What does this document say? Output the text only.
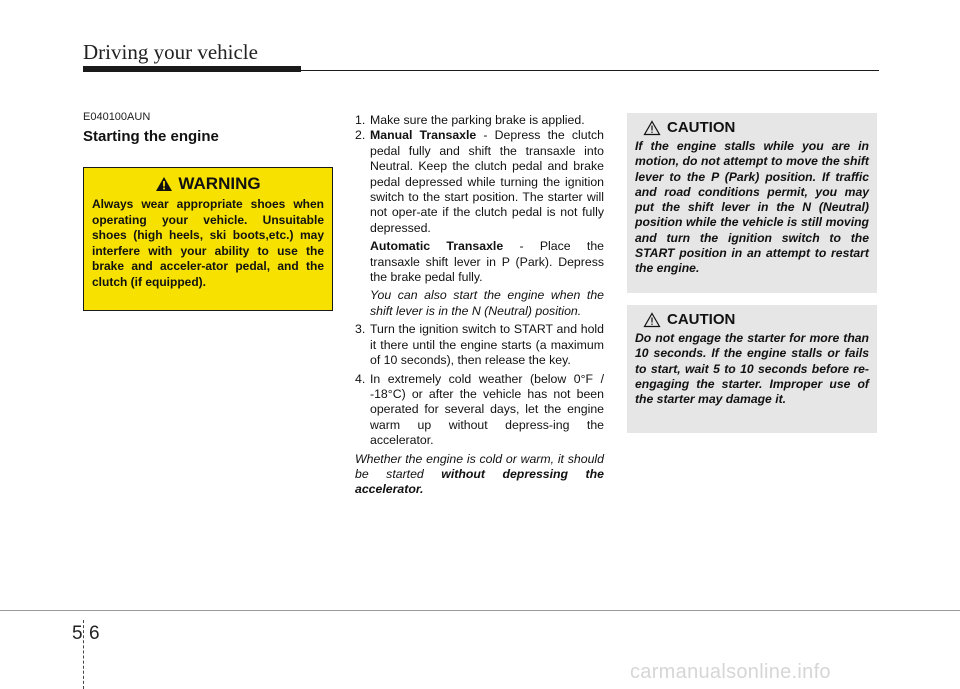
Driving your vehicle
E040100AUN
Starting the engine
WARNING
Always wear appropriate shoes when operating your vehicle. Unsuitable shoes (high heels, ski boots,etc.) may interfere with your ability to use the brake and acceler-ator pedal, and the clutch (if equipped).
1. Make sure the parking brake is applied.
2. Manual Transaxle - Depress the clutch pedal fully and shift the transaxle into Neutral. Keep the clutch pedal and brake pedal depressed while turning the ignition switch to the start position. The starter will not oper-ate if the clutch pedal is not fully depressed.
Automatic Transaxle - Place the transaxle shift lever in P (Park). Depress the brake pedal fully.
You can also start the engine when the shift lever is in the N (Neutral) position.
3. Turn the ignition switch to START and hold it there until the engine starts (a maximum of 10 seconds), then release the key.
4. In extremely cold weather (below 0°F / -18°C) or after the vehicle has not been operated for several days, let the engine warm up without depress-ing the accelerator.
Whether the engine is cold or warm, it should be started without depressing the accelerator.
CAUTION
If the engine stalls while you are in motion, do not attempt to move the shift lever to the P (Park) position. If traffic and road conditions permit, you may put the shift lever in the N (Neutral) position while the vehicle is still moving and turn the ignition switch to the START position in an attempt to restart the engine.
CAUTION
Do not engage the starter for more than 10 seconds. If the engine stalls or fails to start, wait 5 to 10 seconds before re-engaging the starter. Improper use of the starter may damage it.
5 6
carmanualsonline.info
